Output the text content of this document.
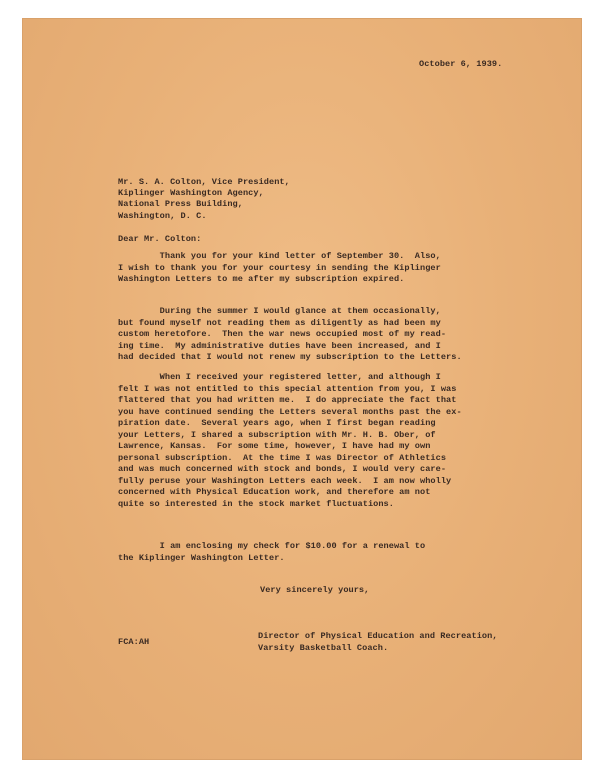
October 6, 1939.
Mr. S. A. Colton, Vice President,
Kiplinger Washington Agency,
National Press Building,
Washington, D. C.
Dear Mr. Colton:
Thank you for your kind letter of September 30.  Also,
I wish to thank you for your courtesy in sending the Kiplinger
Washington Letters to me after my subscription expired.
During the summer I would glance at them occasionally,
but found myself not reading them as diligently as had been my
custom heretofore.  Then the war news occupied most of my read-
ing time.  My administrative duties have been increased, and I
had decided that I would not renew my subscription to the Letters.
When I received your registered letter, and although I
felt I was not entitled to this special attention from you, I was
flattered that you had written me.  I do appreciate the fact that
you have continued sending the Letters several months past the ex-
piration date.  Several years ago, when I first began reading
your Letters, I shared a subscription with Mr. H. B. Ober, of
Lawrence, Kansas.  For some time, however, I have had my own
personal subscription.  At the time I was Director of Athletics
and was much concerned with stock and bonds, I would very care-
fully peruse your Washington Letters each week.  I am now wholly
concerned with Physical Education work, and therefore am not
quite so interested in the stock market fluctuations.
I am enclosing my check for $10.00 for a renewal to
the Kiplinger Washington Letter.
Very sincerely yours,
Director of Physical Education and Recreation,
Varsity Basketball Coach.
FCA:AH
